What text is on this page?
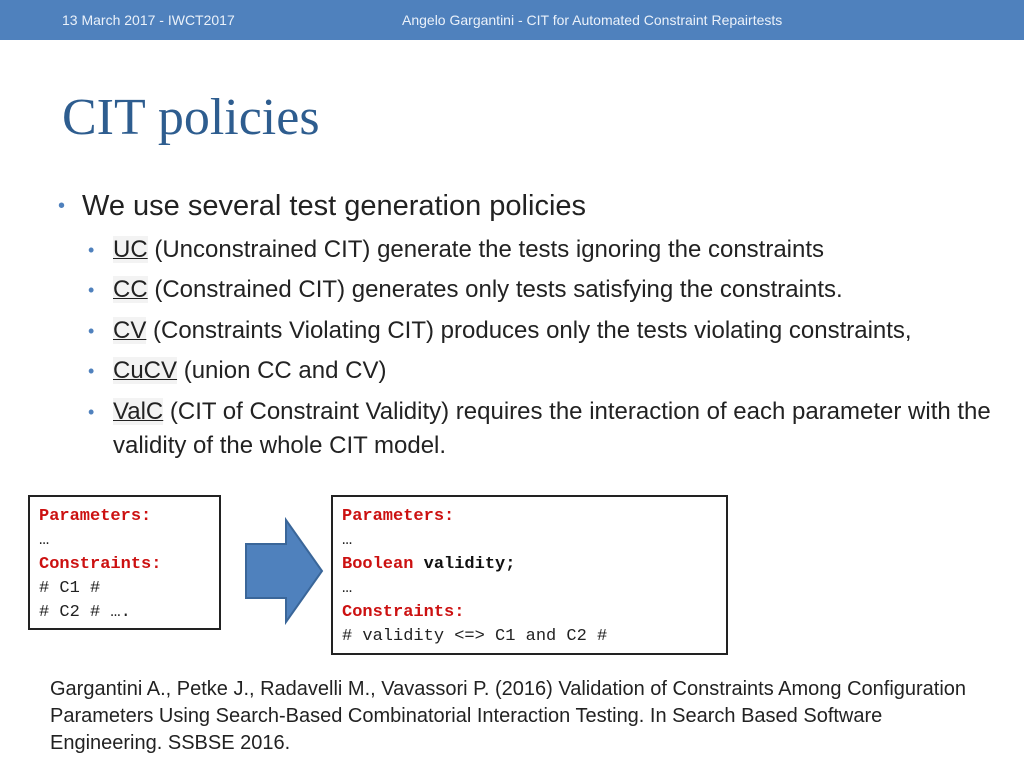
13 March 2017 - IWCT2017	Angelo Gargantini - CIT for Automated Constraint Repairtests
CIT policies
• We use several test generation policies
• UC (Unconstrained CIT) generate the tests ignoring the constraints
• CC (Constrained CIT) generates only tests satisfying the constraints.
• CV (Constraints Violating CIT) produces only the tests violating constraints,
• CuCV (union CC and CV)
• ValC (CIT of Constraint Validity) requires the interaction of each parameter with the validity of the whole CIT model.
Parameters:
…
Constraints:
# C1 #
# C2 # ….
Parameters:
…
Boolean validity;
…
Constraints:
# validity <=> C1 and C2 #
Gargantini A., Petke J., Radavelli M., Vavassori P. (2016) Validation of Constraints Among Configuration Parameters Using Search-Based Combinatorial Interaction Testing. In Search Based Software Engineering. SSBSE 2016.
